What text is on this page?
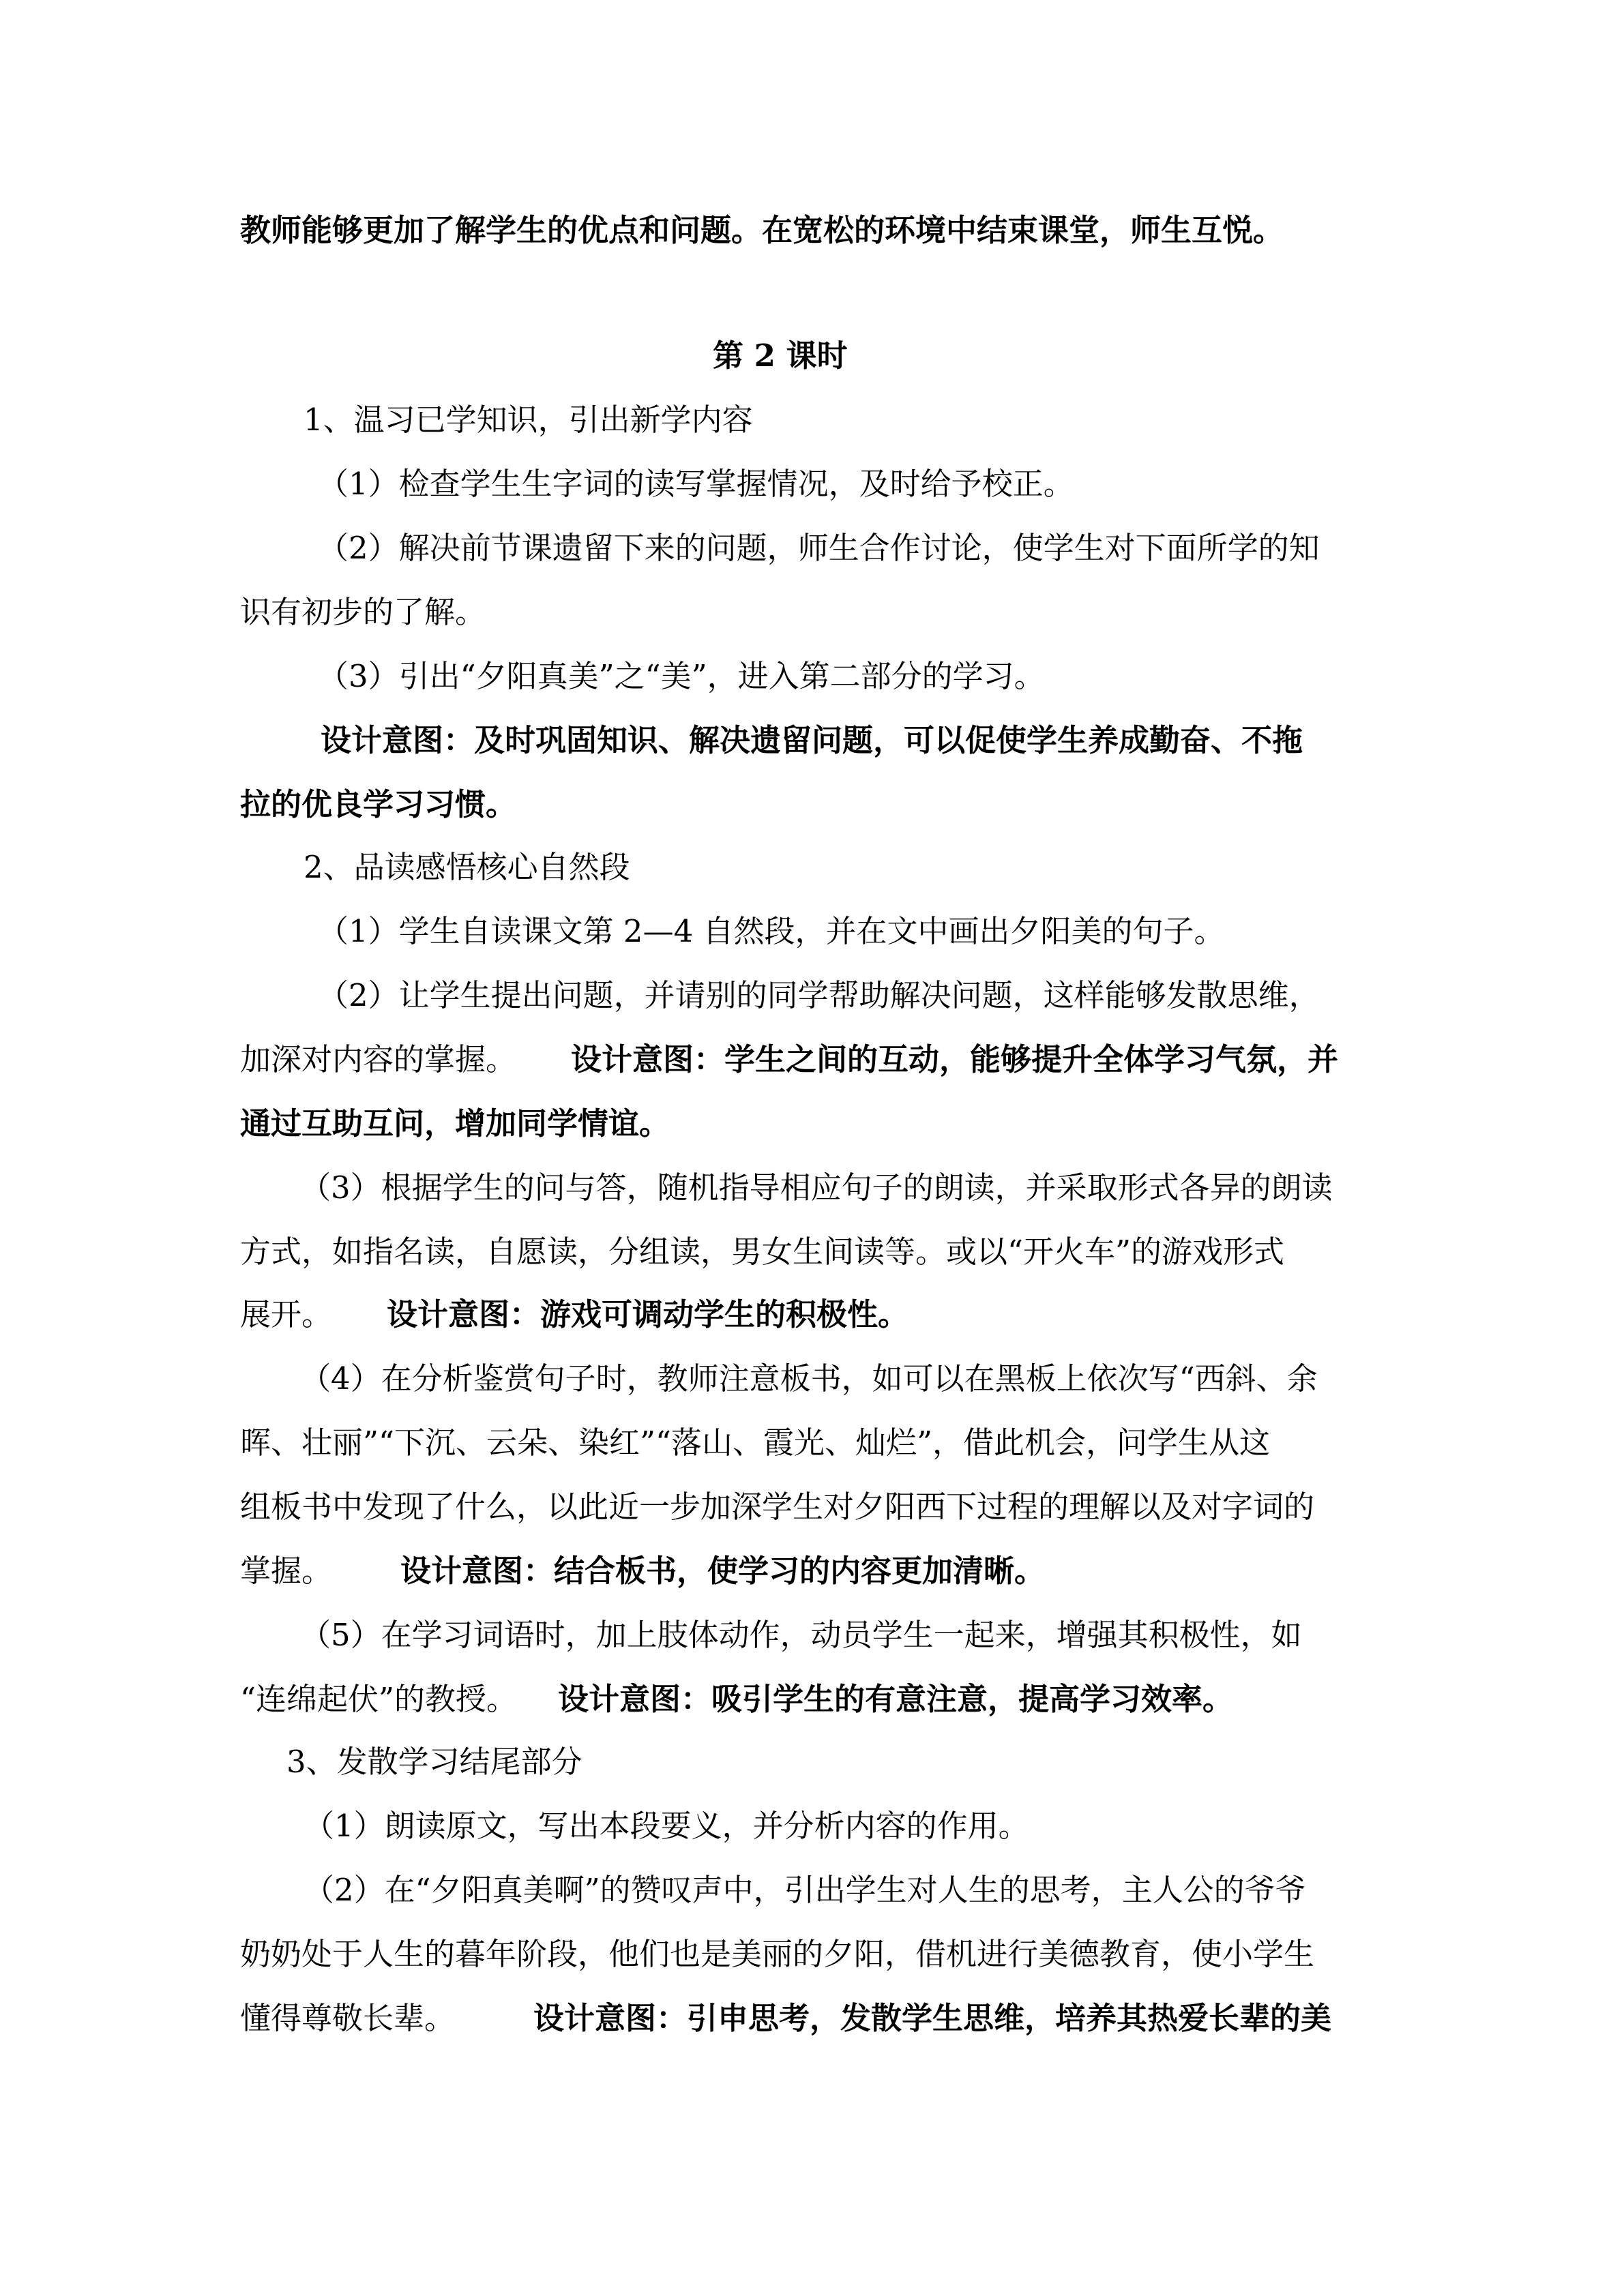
教师能够更加了解学生的优点和问题。在宽松的环境中结束课堂，师生互悦。
第 2 课时
1、温习已学知识，引出新学内容
（1）检查学生生字词的读写掌握情况，及时给予校正。
（2）解决前节课遗留下来的问题，师生合作讨论，使学生对下面所学的知
识有初步的了解。
（3）引出“夕阳真美”之“美”，进入第二部分的学习。
设计意图：及时巩固知识、解决遗留问题，可以促使学生养成勤奋、不拖
拉的优良学习习惯。
2、品读感悟核心自然段
（1）学生自读课文第 2—4 自然段，并在文中画出夕阳美的句子。
（2）让学生提出问题，并请别的同学帮助解决问题，这样能够发散思维，
加深对内容的掌握。 设计意图：学生之间的互动，能够提升全体学习气氛，并
通过互助互问，增加同学情谊。
（3）根据学生的问与答，随机指导相应句子的朗读，并采取形式各异的朗读
方式，如指名读，自愿读，分组读，男女生间读等。或以“开火车”的游戏形式
展开。 设计意图：游戏可调动学生的积极性。
（4）在分析鉴赏句子时，教师注意板书，如可以在黑板上依次写“西斜、余
晖、壮丽”“下沉、云朵、染红”“落山、霞光、灿烂”，借此机会，问学生从这
组板书中发现了什么，以此近一步加深学生对夕阳西下过程的理解以及对字词的
掌握。 设计意图：结合板书，使学习的内容更加清晰。
（5）在学习词语时，加上肢体动作，动员学生一起来，增强其积极性，如
“连绵起伏”的教授。 设计意图：吸引学生的有意注意，提高学习效率。
3、发散学习结尾部分
（1）朗读原文，写出本段要义，并分析内容的作用。
（2）在“夕阳真美啊”的赞叹声中，引出学生对人生的思考，主人公的爷爷
奶奶处于人生的暮年阶段，他们也是美丽的夕阳，借机进行美德教育，使小学生
懂得尊敬长辈。	设计意图：引申思考，发散学生思维，培养其热爱长辈的美
